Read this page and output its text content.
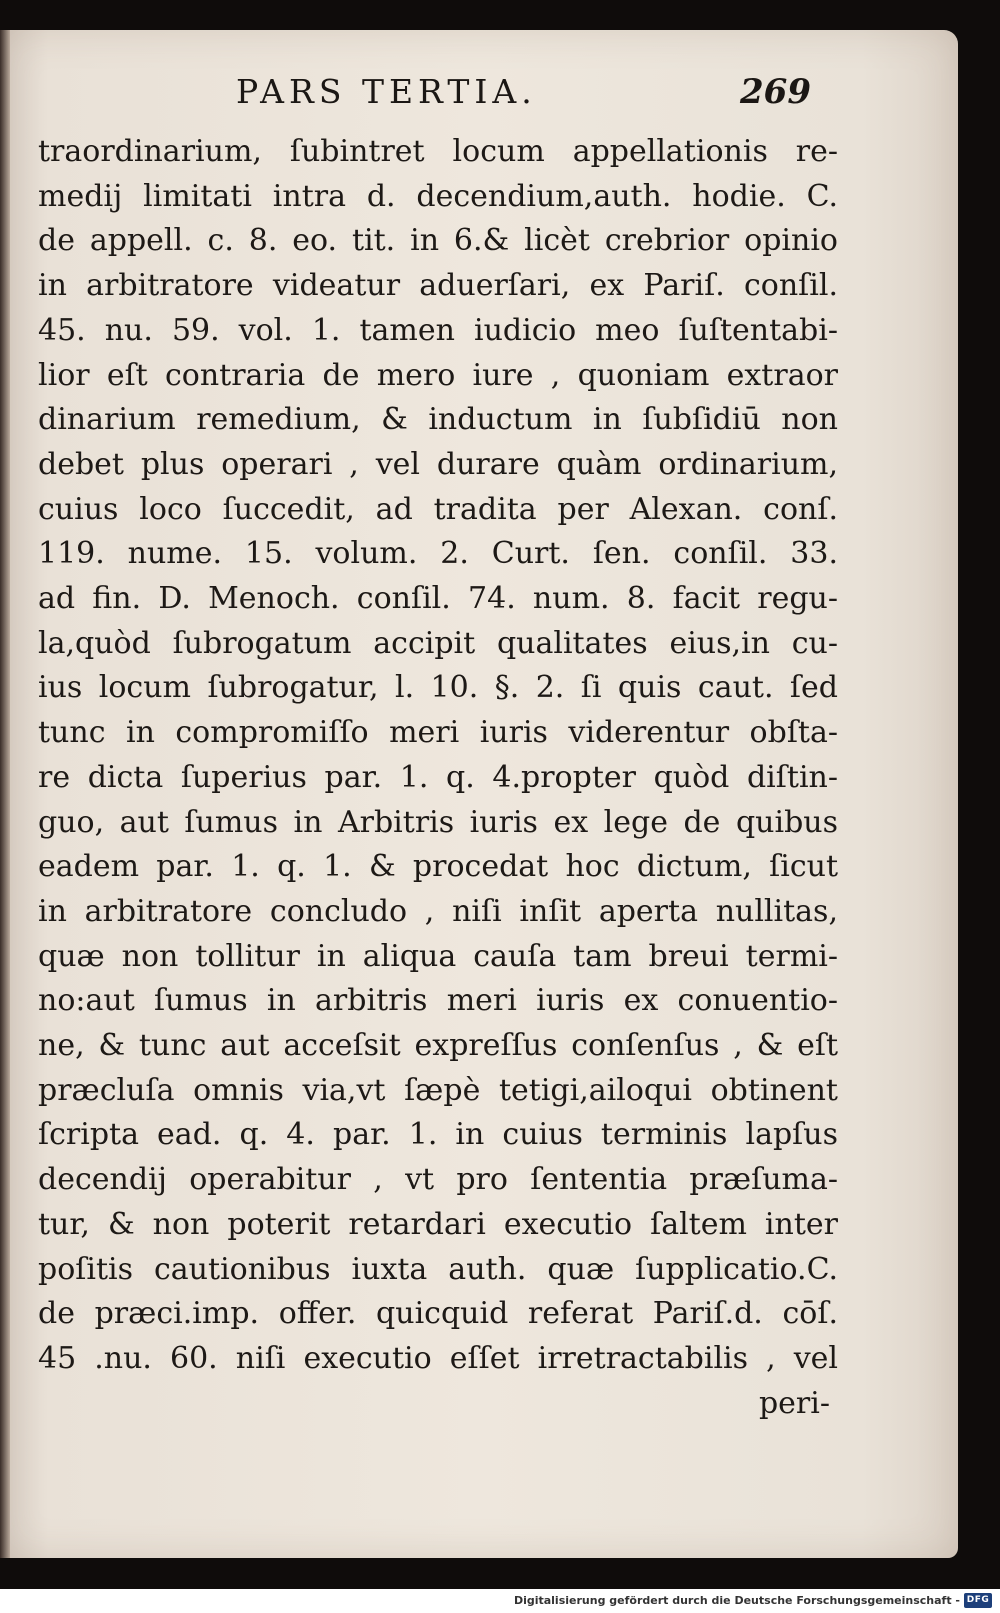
PARS TERTIA.	269
traordinarium, ſubintret locum appellationis re-
medij limitati intra d. decendium,auth. hodie. C.
de appell. c. 8. eo. tit. in 6.& licèt crebrior opinio
in arbitratore videatur aduerſari, ex Pariſ. conſil.
45. nu. 59. vol. 1. tamen iudicio meo ſuſtentabi-
lior eſt contraria de mero iure , quoniam extraor
dinarium remedium, & inductum in ſubſidiū non
debet plus operari , vel durare quàm ordinarium,
cuius loco ſuccedit, ad tradita per Alexan. conſ.
119. nume. 15. volum. 2. Curt. ſen. conſil. 33.
ad fin. D. Menoch. conſil. 74. num. 8. facit regu-
la,quòd ſubrogatum accipit qualitates eius,in cu-
ius locum ſubrogatur, l. 10. §. 2. ſi quis caut. ſed
tunc in compromiſſo meri iuris viderentur obſta-
re dicta ſuperius par. 1. q. 4.propter quòd diſtin-
guo, aut ſumus in Arbitris iuris ex lege de quibus
eadem par. 1. q. 1. & procedat hoc dictum, ſicut
in arbitratore concludo , niſi inſit aperta nullitas,
quæ non tollitur in aliqua cauſa tam breui termi-
no:aut ſumus in arbitris meri iuris ex conuentio-
ne, & tunc aut acceſsit expreſſus conſenſus , & eſt
præcluſa omnis via,vt ſæpè tetigi,ailoqui obtinent
ſcripta ead. q. 4. par. 1. in cuius terminis lapſus
decendij operabitur , vt pro ſententia præſuma-
tur, & non poterit retardari executio ſaltem inter
poſitis cautionibus iuxta auth. quæ ſupplicatio.C.
de præci.imp. offer. quicquid referat Pariſ.d. cōſ.
45 .nu. 60. niſi executio eſſet irretractabilis , vel
peri-
Digitalisierung gefördert durch die Deutsche Forschungsgemeinschaft - DFG
